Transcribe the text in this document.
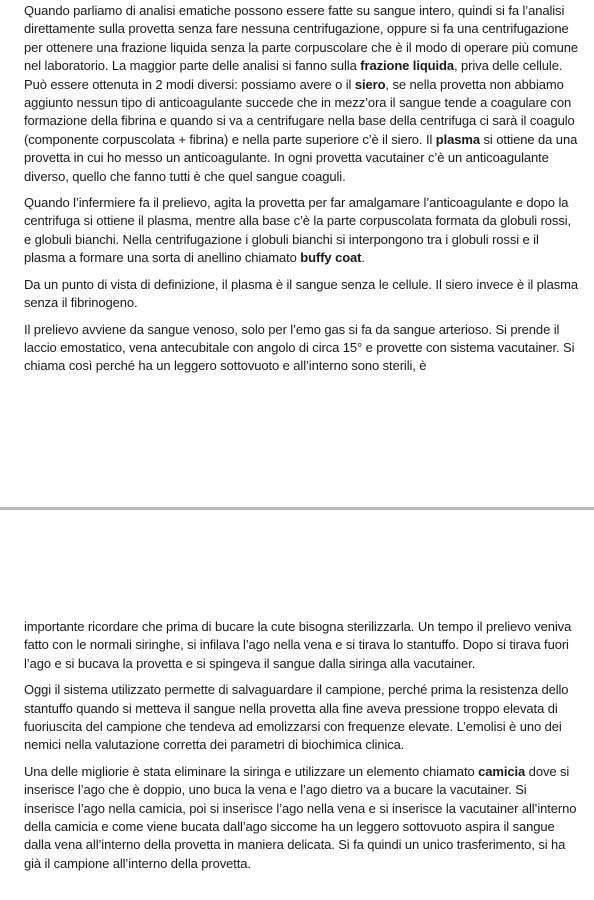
Quando parliamo di analisi ematiche possono essere fatte su sangue intero, quindi si fa l’analisi direttamente sulla provetta senza fare nessuna centrifugazione, oppure si fa una centrifugazione per ottenere una frazione liquida senza la parte corpuscolare che è il modo di operare più comune nel laboratorio. La maggior parte delle analisi si fanno sulla frazione liquida, priva delle cellule. Può essere ottenuta in 2 modi diversi: possiamo avere o il siero, se nella provetta non abbiamo aggiunto nessun tipo di anticoagulante succede che in mezz’ora il sangue tende a coagulare con formazione della fibrina e quando si va a centrifugare nella base della centrifuga ci sarà il coagulo (componente corpuscolata + fibrina) e nella parte superiore c’è il siero. Il plasma si ottiene da una provetta in cui ho messo un anticoagulante. In ogni provetta vacutainer c’è un anticoagulante diverso, quello che fanno tutti è che quel sangue coaguli.

Quando l’infermiere fa il prelievo, agita la provetta per far amalgamare l’anticoagulante e dopo la centrifuga si ottiene il plasma, mentre alla base c’è la parte corpuscolata formata da globuli rossi, e globuli bianchi. Nella centrifugazione i globuli bianchi si interpongono tra i globuli rossi e il plasma a formare una sorta di anellino chiamato buffy coat.

Da un punto di vista di definizione, il plasma è il sangue senza le cellule. Il siero invece è il plasma senza il fibrinogeno.

Il prelievo avviene da sangue venoso, solo per l’emo gas si fa da sangue arterioso. Si prende il laccio emostatico, vena antecubitale con angolo di circa 15° e provette con sistema vacutainer. Si chiama così perché ha un leggero sottovuoto e all’interno sono sterili, è

importante ricordare che prima di bucare la cute bisogna sterilizzarla. Un tempo il prelievo veniva fatto con le normali siringhe, si infilava l’ago nella vena e si tirava lo stantuffo. Dopo si tirava fuori l’ago e si bucava la provetta e si spingeva il sangue dalla siringa alla vacutainer.

Oggi il sistema utilizzato permette di salvaguardare il campione, perché prima la resistenza dello stantuffo quando si metteva il sangue nella provetta alla fine aveva pressione troppo elevata di fuoriuscita del campione che tendeva ad emolizzarsi con frequenze elevate. L’emolisi è uno dei nemici nella valutazione corretta dei parametri di biochimica clinica.

Una delle migliorie è stata eliminare la siringa e utilizzare un elemento chiamato camicia dove si inserisce l’ago che è doppio, uno buca la vena e l’ago dietro va a bucare la vacutainer. Si inserisce l’ago nella camicia, poi si inserisce l’ago nella vena e si inserisce la vacutainer all’interno della camicia e come viene bucata dall’ago siccome ha un leggero sottovuoto aspira il sangue dalla vena all’interno della provetta in maniera delicata. Si fa quindi un unico trasferimento, si ha già il campione all’interno della provetta.
